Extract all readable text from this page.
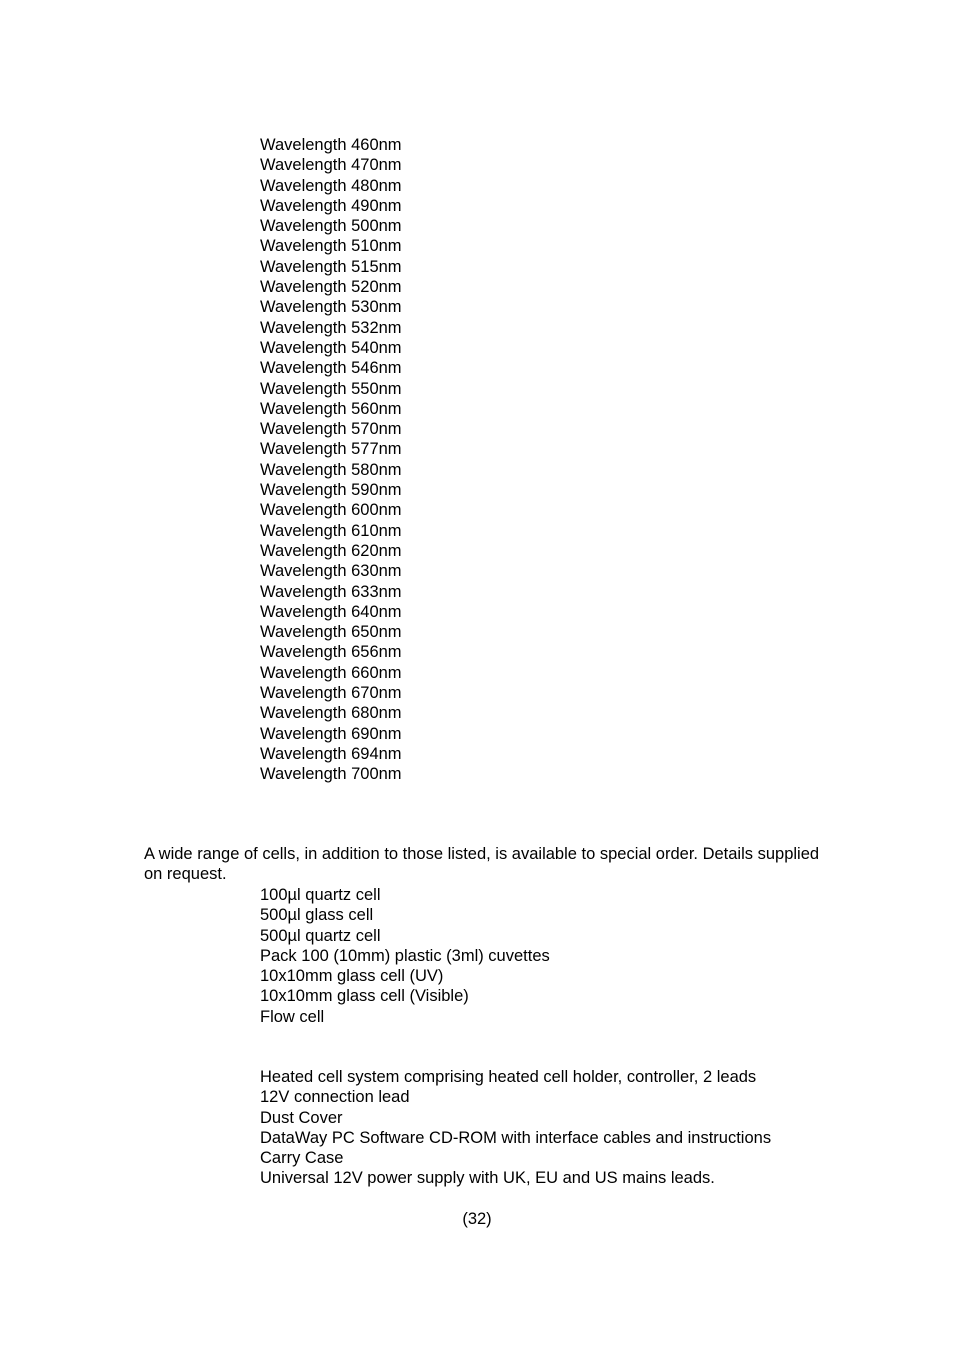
Wavelength 460nm
Wavelength 470nm
Wavelength 480nm
Wavelength 490nm
Wavelength 500nm
Wavelength 510nm
Wavelength 515nm
Wavelength 520nm
Wavelength 530nm
Wavelength 532nm
Wavelength 540nm
Wavelength 546nm
Wavelength 550nm
Wavelength 560nm
Wavelength 570nm
Wavelength 577nm
Wavelength 580nm
Wavelength 590nm
Wavelength 600nm
Wavelength 610nm
Wavelength 620nm
Wavelength 630nm
Wavelength 633nm
Wavelength 640nm
Wavelength 650nm
Wavelength 656nm
Wavelength 660nm
Wavelength 670nm
Wavelength 680nm
Wavelength 690nm
Wavelength 694nm
Wavelength 700nm

A wide range of cells, in addition to those listed, is available to special order. Details supplied on request.

100µl quartz cell
500µl glass cell
500µl quartz cell
Pack 100 (10mm) plastic (3ml) cuvettes
10x10mm glass cell (UV)
10x10mm glass cell (Visible)
Flow cell
Heated cell system comprising heated cell holder, controller, 2 leads
12V connection lead
Dust Cover
DataWay PC Software CD-ROM with interface cables and instructions
Carry Case
Universal 12V power supply with UK, EU and US mains leads.
(32)
